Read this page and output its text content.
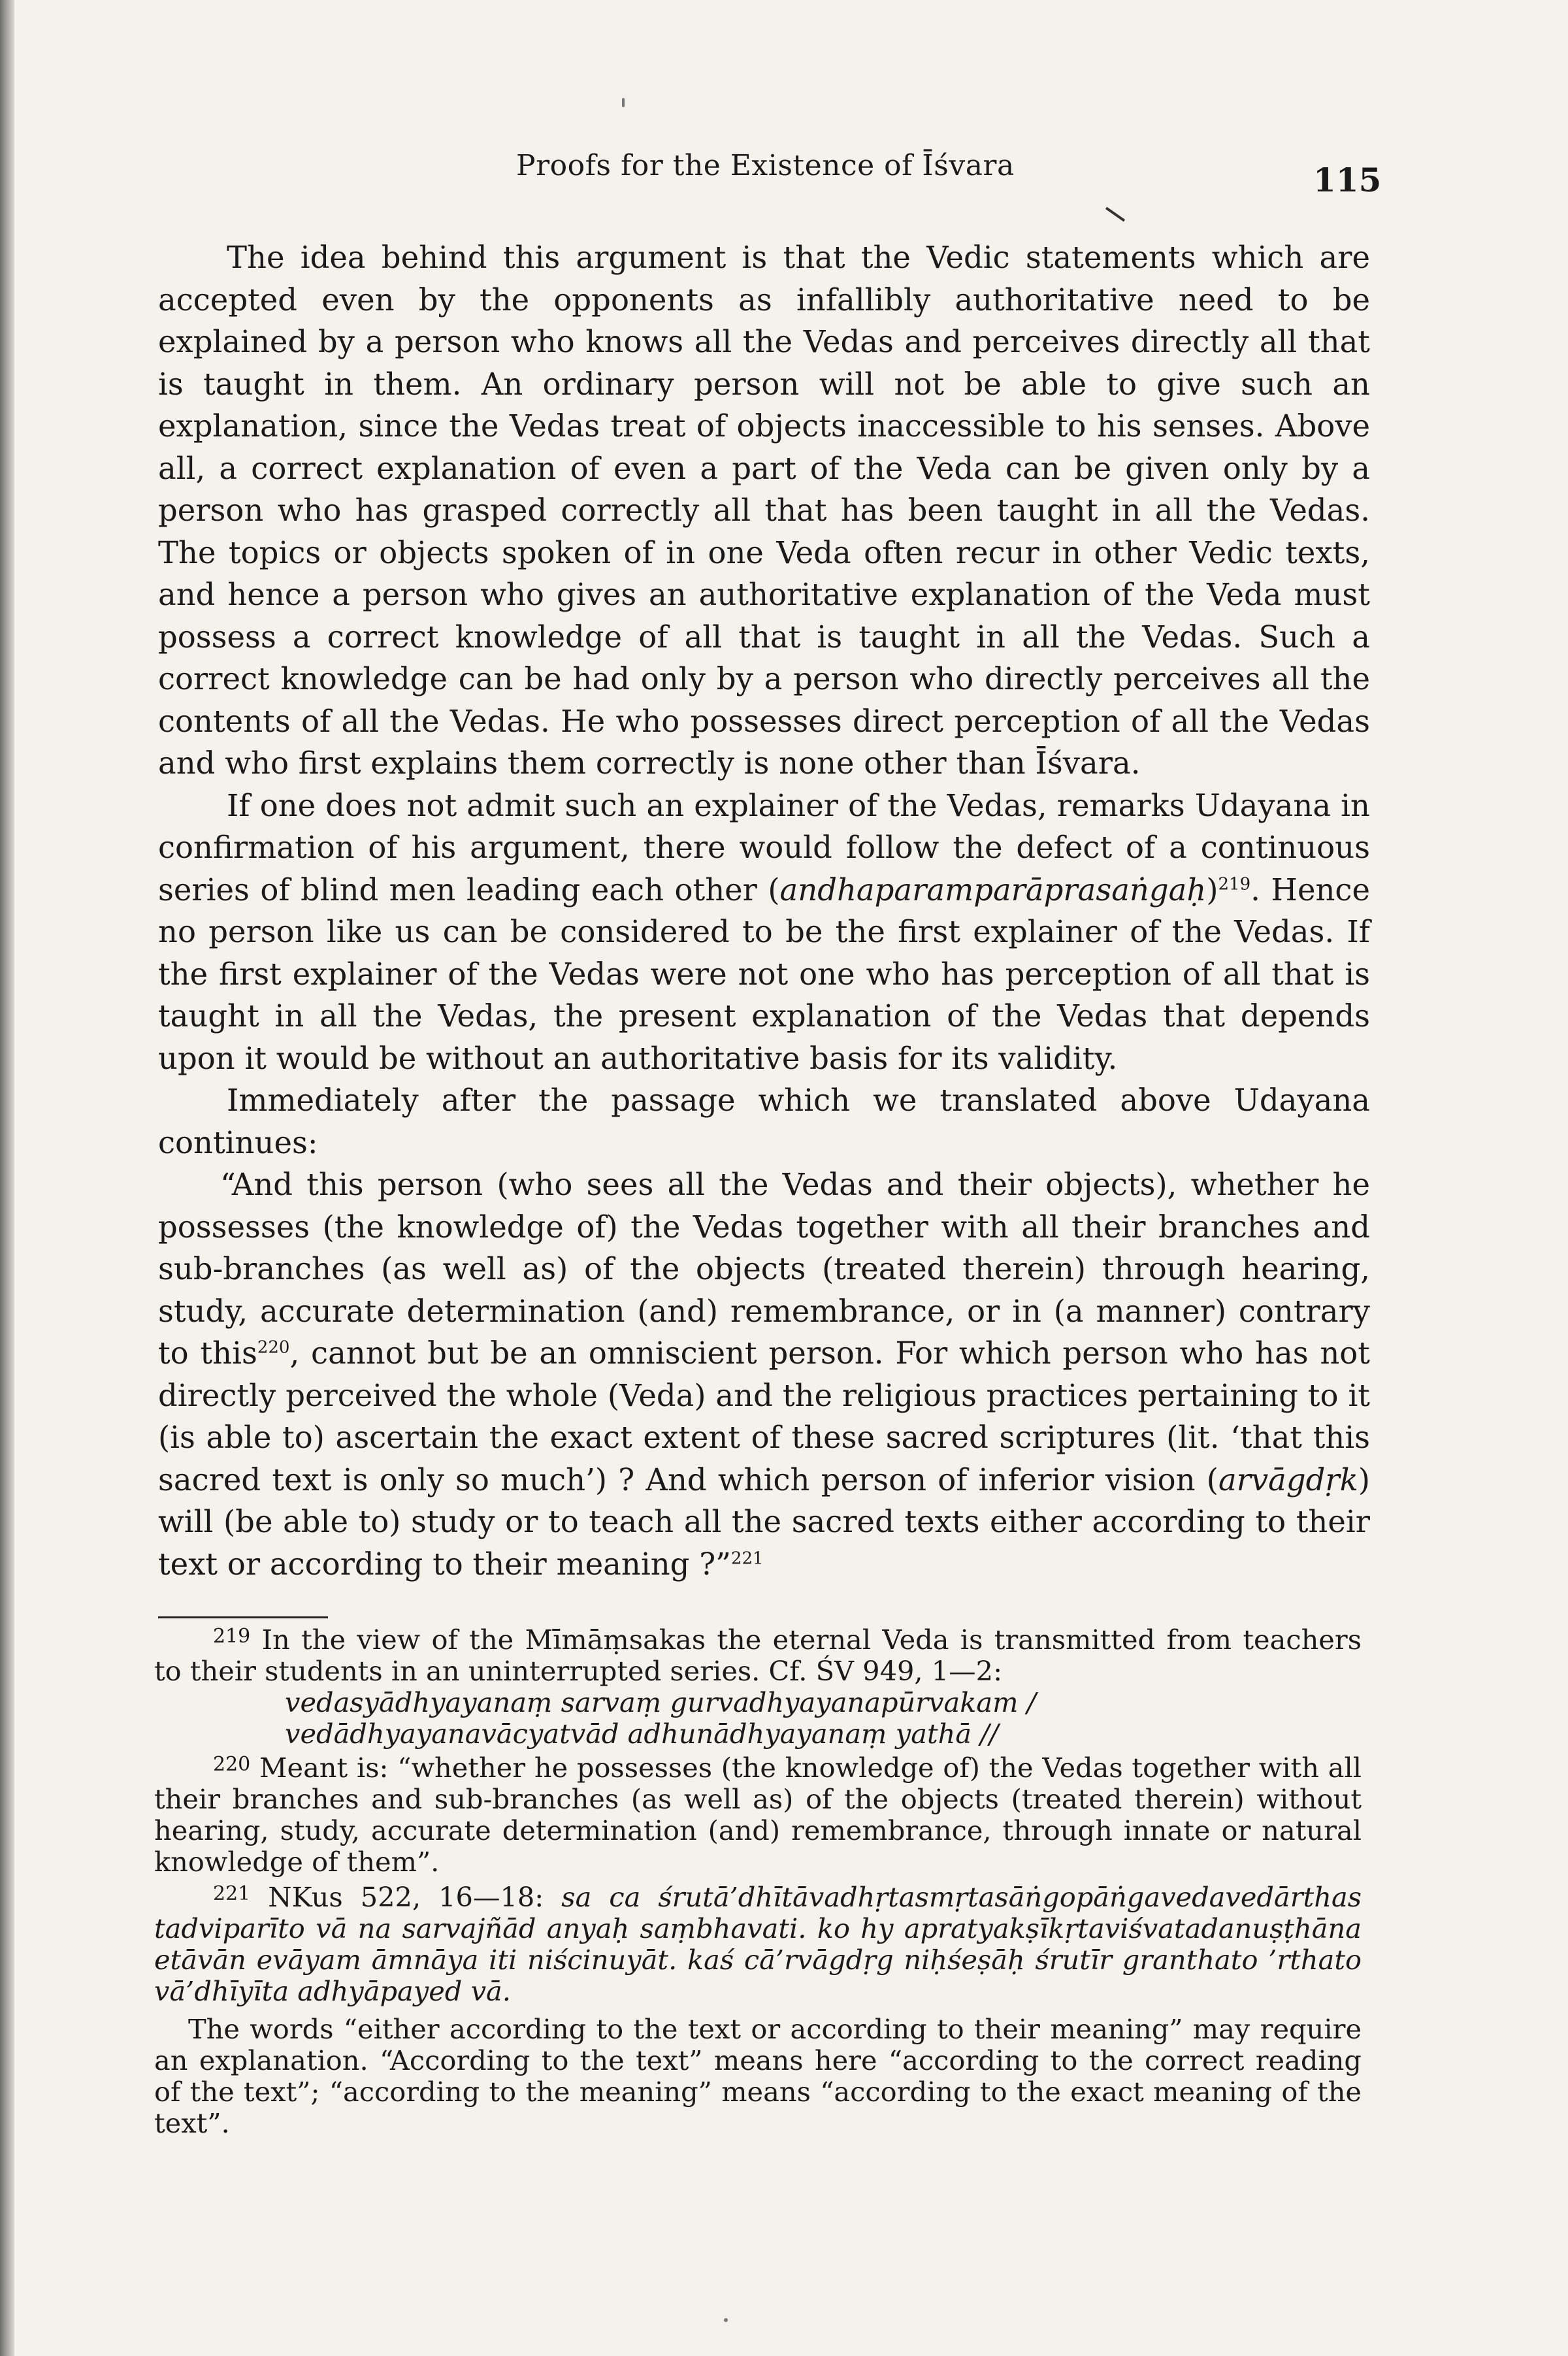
Proofs for the Existence of Īśvara	115

The idea behind this argument is that the Vedic statements which are accepted even by the opponents as infallibly authoritative need to be explained by a person who knows all the Vedas and perceives directly all that is taught in them. An ordinary person will not be able to give such an explanation, since the Vedas treat of objects inaccessible to his senses. Above all, a correct explanation of even a part of the Veda can be given only by a person who has grasped correctly all that has been taught in all the Vedas. The topics or objects spoken of in one Veda often recur in other Vedic texts, and hence a person who gives an authoritative explanation of the Veda must possess a correct knowledge of all that is taught in all the Vedas. Such a correct knowledge can be had only by a person who directly perceives all the contents of all the Vedas. He who possesses direct perception of all the Vedas and who first explains them correctly is none other than Īśvara.

If one does not admit such an explainer of the Vedas, remarks Udayana in confirmation of his argument, there would follow the defect of a continuous series of blind men leading each other (andhaparamparāprasaṅgaḥ)$^{219}$. Hence no person like us can be considered to be the first explainer of the Vedas. If the first explainer of the Vedas were not one who has perception of all that is taught in all the Vedas, the present explanation of the Vedas that depends upon it would be without an authoritative basis for its validity.

Immediately after the passage which we translated above Udayana continues:

“And this person (who sees all the Vedas and their objects), whether he possesses (the knowledge of) the Vedas together with all their branches and sub-branches (as well as) of the objects (treated therein) through hearing, study, accurate determination (and) remembrance, or in (a manner) contrary to this$^{220}$, cannot but be an omniscient person. For which person who has not directly perceived the whole (Veda) and the religious practices pertaining to it (is able to) ascertain the exact extent of these sacred scriptures (lit. ‘that this sacred text is only so much’) ? And which person of inferior vision (arvāgdṛk) will (be able to) study or to teach all the sacred texts either according to their text or according to their meaning ?”$^{221}$

$^{219}$ In the view of the Mīmāṃsakas the eternal Veda is transmitted from teachers to their students in an uninterrupted series. Cf. ŚV 949, 1—2:

vedasyādhyayanaṃ sarvaṃ gurvadhyayanapūrvakam /

vedādhyayanavācyatvād adhunādhyayanaṃ yathā //

$^{220}$ Meant is: “whether he possesses (the knowledge of) the Vedas together with all their branches and sub-branches (as well as) of the objects (treated therein) without hearing, study, accurate determination (and) remembrance, through innate or natural knowledge of them”.

$^{221}$ NKus 522, 16—18: sa ca śrutā’dhītāvadhṛtasmṛtasāṅgopāṅgavedavedārthas tadviparīto vā na sarvajñād anyaḥ saṃbhavati. ko hy apratyakṣīkṛtaviśvatadanuṣṭhāna etāvān evāyam āmnāya iti niścinuyāt. kaś cā’rvāgdṛg niḥśeṣāḥ śrutīr granthato ’rthato vā’dhīyīta adhyāpayed vā.

The words “either according to the text or according to their meaning” may require an explanation. “According to the text” means here “according to the correct reading of the text”; “according to the meaning” means “according to the exact meaning of the text”.
